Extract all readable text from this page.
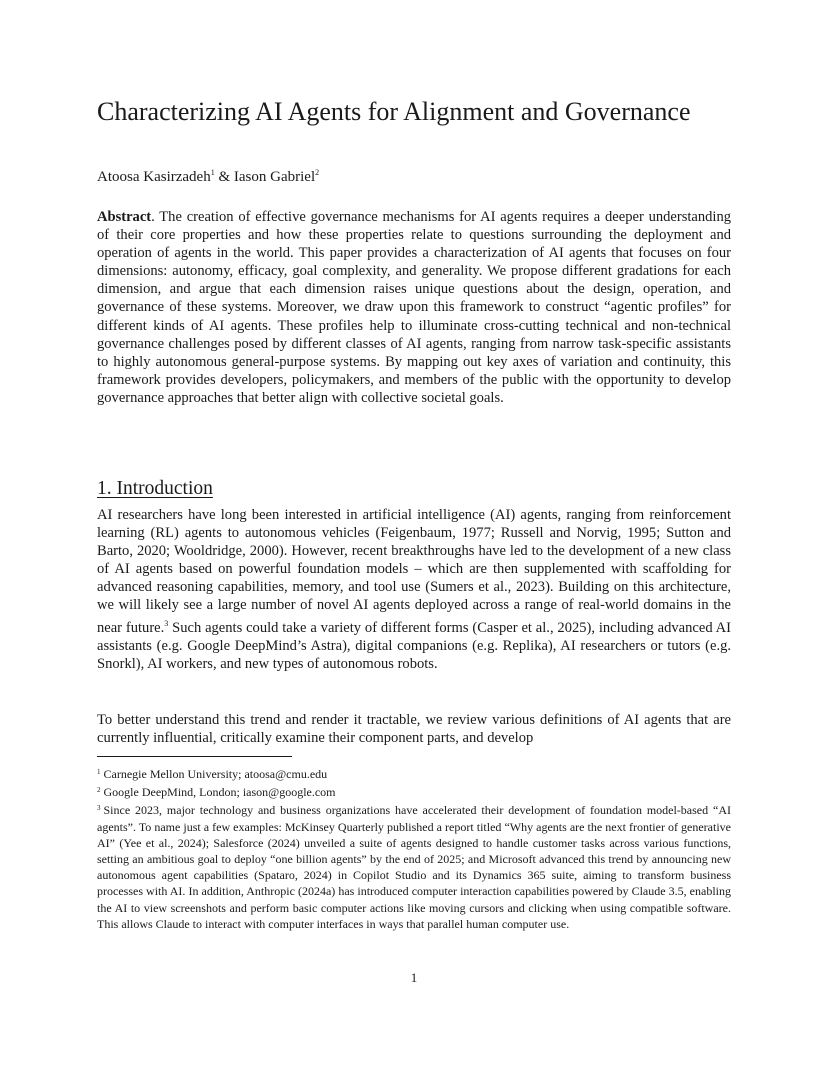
Characterizing AI Agents for Alignment and Governance
Atoosa Kasirzadeh$^1$ & Iason Gabriel$^2$

Abstract. The creation of effective governance mechanisms for AI agents requires a deeper understanding of their core properties and how these properties relate to questions surrounding the deployment and operation of agents in the world. This paper provides a characterization of AI agents that focuses on four dimensions: autonomy, efficacy, goal complexity, and generality. We propose different gradations for each dimension, and argue that each dimension raises unique questions about the design, operation, and governance of these systems. Moreover, we draw upon this framework to construct “agentic profiles” for different kinds of AI agents. These profiles help to illuminate cross-cutting technical and non-technical governance challenges posed by different classes of AI agents, ranging from narrow task-specific assistants to highly autonomous general-purpose systems. By mapping out key axes of variation and continuity, this framework provides developers, policymakers, and members of the public with the opportunity to develop governance approaches that better align with collective societal goals.

1. Introduction

AI researchers have long been interested in artificial intelligence (AI) agents, ranging from reinforcement learning (RL) agents to autonomous vehicles (Feigenbaum, 1977; Russell and Norvig, 1995; Sutton and Barto, 2020; Wooldridge, 2000). However, recent breakthroughs have led to the development of a new class of AI agents based on powerful foundation models – which are then supplemented with scaffolding for advanced reasoning capabilities, memory, and tool use (Sumers et al., 2023). Building on this architecture, we will likely see a large number of novel AI agents deployed across a range of real-world domains in the near future.$^3$ Such agents could take a variety of different forms (Casper et al., 2025), including advanced AI assistants (e.g. Google DeepMind’s Astra), digital companions (e.g. Replika), AI researchers or tutors (e.g. Snorkl), AI workers, and new types of autonomous robots.

To better understand this trend and render it tractable, we review various definitions of AI agents that are currently influential, critically examine their component parts, and develop

$^1$ Carnegie Mellon University; atoosa@cmu.edu

$^2$ Google DeepMind, London; iason@google.com

$^3$ Since 2023, major technology and business organizations have accelerated their development of foundation model-based “AI agents”. To name just a few examples: McKinsey Quarterly published a report titled “Why agents are the next frontier of generative AI” (Yee et al., 2024); Salesforce (2024) unveiled a suite of agents designed to handle customer tasks across various functions, setting an ambitious goal to deploy “one billion agents” by the end of 2025; and Microsoft advanced this trend by announcing new autonomous agent capabilities (Spataro, 2024) in Copilot Studio and its Dynamics 365 suite, aiming to transform business processes with AI. In addition, Anthropic (2024a) has introduced computer interaction capabilities powered by Claude 3.5, enabling the AI to view screenshots and perform basic computer actions like moving cursors and clicking when using compatible software. This allows Claude to interact with computer interfaces in ways that parallel human computer use.

1
